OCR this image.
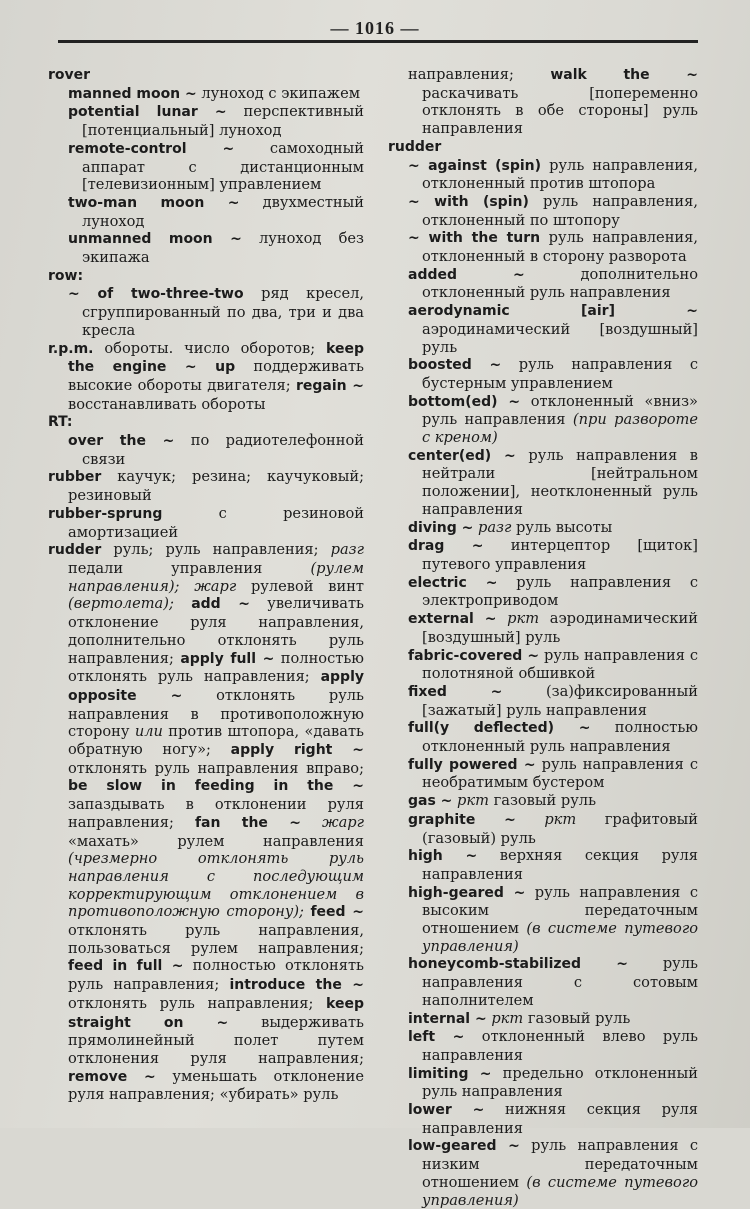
— 1016 —

rover

manned moon ~ луноход с экипажем

potential lunar ~ перспективный [потенциальный] луноход

remote-control ~ самоходный аппарат с дистанционным [телевизионным] управлением

two-man moon ~ двухместный луноход

unmanned moon ~ луноход без экипажа

row:

~ of two-three-two ряд кресел, сгруппированный по два, три и два кресла

r.p.m. обороты. число оборотов; keep the engine ~ up поддерживать высокие обороты двигателя; regain ~ восстанавливать обороты

RT:

over the ~ по радиотелефонной связи

rubber каучук; резина; каучуковый; резиновый

rubber-sprung с резиновой амортизацией

rudder руль; руль направления; разг педали управления (рулем направления); жарг рулевой винт (вертолета); add ~ увеличивать отклонение руля направления, дополнительно отклонять руль направления; apply full ~ полностью отклонять руль направления; apply opposite ~ отклонять руль направления в противоположную сторону или против штопора, «давать обратную ногу»; apply right ~ отклонять руль направления вправо; be slow in feeding in the ~ запаздывать в отклонении руля направления; fan the ~ жарг «махать» рулем направления (чрезмерно отклонять руль направления с последующим корректирующим отклонением в противоположную сторону); feed ~ отклонять руль направления, пользоваться рулем направления; feed in full ~ полностью отклонять руль направления; introduce the ~ отклонять руль направления; keep straight on ~ выдерживать прямолинейный полет путем отклонения руля направления; remove ~ уменьшать отклонение руля направления; «убирать» руль

направления; walk the ~ раскачивать [попеременно отклонять в обе стороны] руль направления

rudder

~ against (spin) руль направления, отклоненный против штопора

~ with (spin) руль направления, отклоненный по штопору

~ with the turn руль направления, отклоненный в сторону разворота

added ~ дополнительно отклоненный руль направления

aerodynamic [air] ~ аэродинамический [воздушный] руль

boosted ~ руль направления с бустерным управлением

bottom(ed) ~ отклоненный «вниз» руль направления (при развороте с креном)

center(ed) ~ руль направления в нейтрали [нейтральном положении], неотклоненный руль направления

diving ~ разг руль высоты

drag ~ интерцептор [щиток] путевого управления

electric ~ руль направления с электроприводом

external ~ ркт аэродинамический [воздушный] руль

fabric-covered ~ руль направления с полотняной обшивкой

fixed ~ (за)фиксированный [зажатый] руль направления

full(y deflected) ~ полностью отклоненный руль направления

fully powered ~ руль направления с необратимым бустером

gas ~ ркт газовый руль

graphite ~ ркт графитовый (газовый) руль

high ~ верхняя секция руля направления

high-geared ~ руль направления с высоким передаточным отношением (в системе путевого управления)

honeycomb-stabilized ~ руль направления с сотовым наполнителем

internal ~ ркт газовый руль

left ~ отклоненный влево руль направления

limiting ~ предельно отклоненный руль направления

lower ~ нижняя секция руля направления

low-geared ~ руль направления с низким передаточным отношением (в системе путевого управления)
